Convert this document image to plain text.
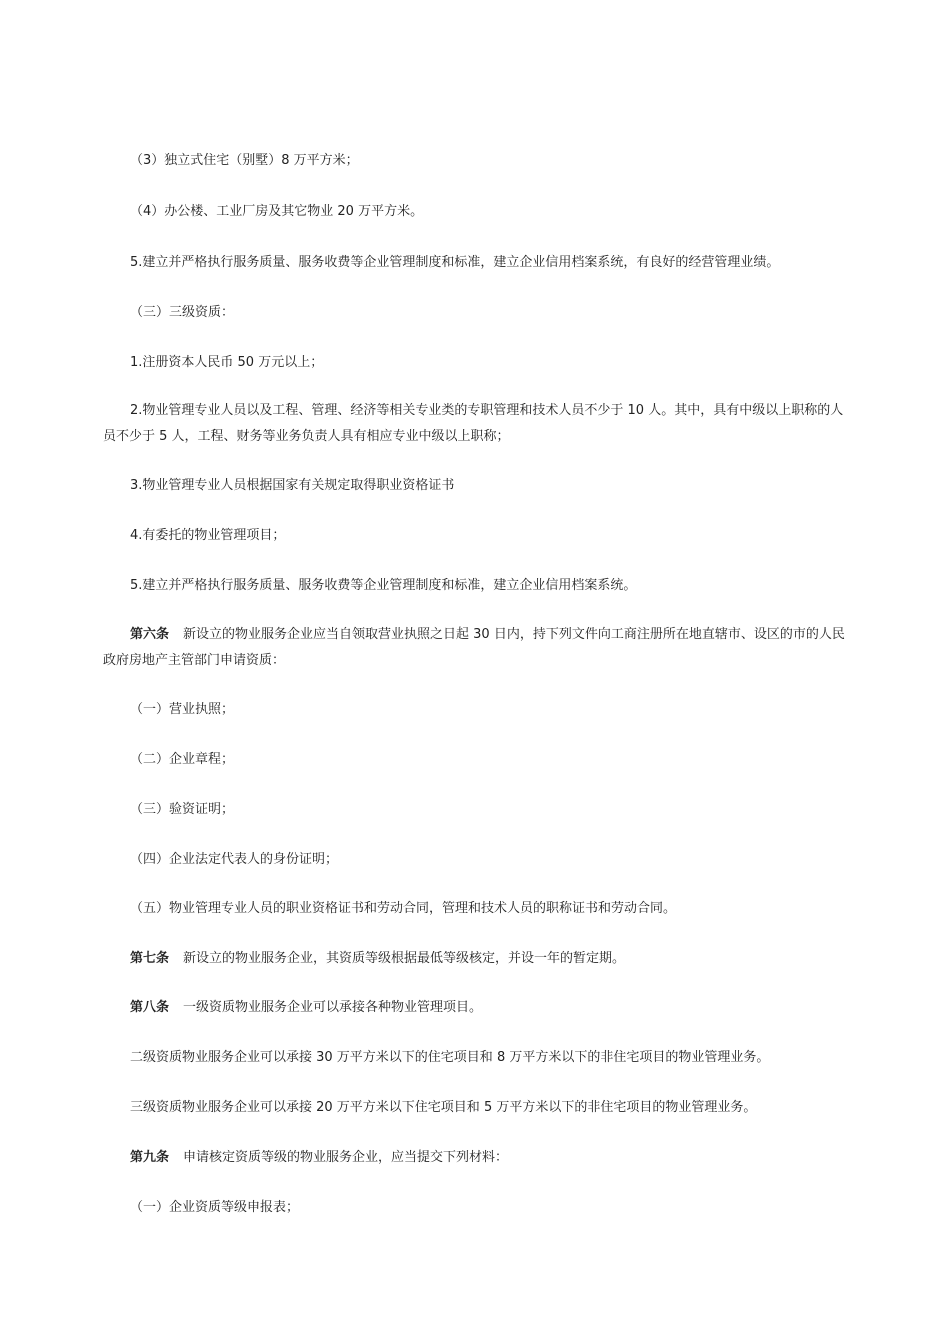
（3）独立式住宅（别墅）8 万平方米；

（4）办公楼、工业厂房及其它物业 20 万平方米。

5.建立并严格执行服务质量、服务收费等企业管理制度和标准，建立企业信用档案系统，有良好的经营管理业绩。

（三）三级资质：

1.注册资本人民币 50 万元以上；

2.物业管理专业人员以及工程、管理、经济等相关专业类的专职管理和技术人员不少于 10 人。其中，具有中级以上职称的人员不少于 5 人，工程、财务等业务负责人具有相应专业中级以上职称；

3.物业管理专业人员根据国家有关规定取得职业资格证书

4.有委托的物业管理项目；

5.建立并严格执行服务质量、服务收费等企业管理制度和标准，建立企业信用档案系统。

第六条 新设立的物业服务企业应当自领取营业执照之日起 30 日内，持下列文件向工商注册所在地直辖市、设区的市的人民政府房地产主管部门申请资质：

（一）营业执照；

（二）企业章程；

（三）验资证明；

（四）企业法定代表人的身份证明；

（五）物业管理专业人员的职业资格证书和劳动合同，管理和技术人员的职称证书和劳动合同。

第七条 新设立的物业服务企业，其资质等级根据最低等级核定，并设一年的暂定期。

第八条 一级资质物业服务企业可以承接各种物业管理项目。

二级资质物业服务企业可以承接 30 万平方米以下的住宅项目和 8 万平方米以下的非住宅项目的物业管理业务。

三级资质物业服务企业可以承接 20 万平方米以下住宅项目和 5 万平方米以下的非住宅项目的物业管理业务。

第九条 申请核定资质等级的物业服务企业，应当提交下列材料：

（一）企业资质等级申报表；
